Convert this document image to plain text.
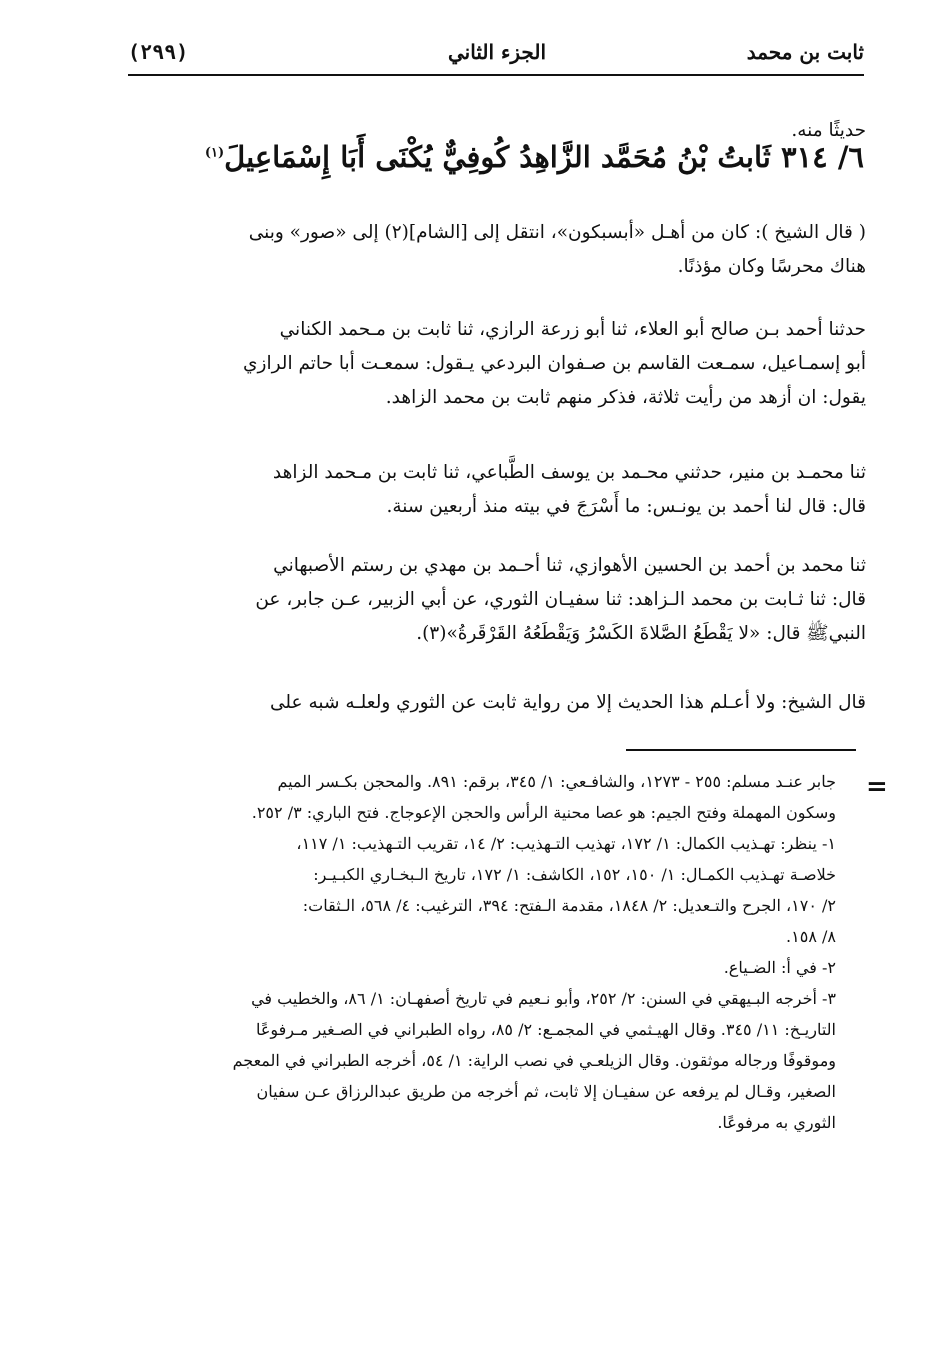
ثابت بن محمد
الجزء الثاني
(٢٩٩)
حديثًا منه.
٦/ ٣١٤ ثَابتُ بْنُ مُحَمَّد الزَّاهِدُ كُوفِيٌّ يُكْنَى أَبَا إِسْمَاعِيلَ$^{(١)}$
( قال الشيخ ): كان من أهـل «أبسبكون»، انتقل إلى [الشام](٢) إلى «صور» وبنى
هناك محرسًا وكان مؤذنًا.
حدثنا أحمد بـن صالح أبو العلاء، ثنا أبو زرعة الرازي، ثنا ثابت بن مـحمد الكناني
أبو إسمـاعيل، سمـعت القاسم بن صـفوان البردعي يـقول: سمعـت أبا حاتم الرازي
يقول: ان أزهد من رأيت ثلاثة، فذكر منهم ثابت بن محمد الزاهد.
ثنا محمـد بن منير، حدثني محـمد بن يوسف الطَّباعي، ثنا ثابت بن مـحمد الزاهد
قال: قال لنا أحمد بن يونـس: ما أَسْرَجَ في بيته منذ أربعين سنة.
ثنا محمد بن أحمد بن الحسين الأهوازي، ثنا أحـمد بن مهدي بن رستم الأصبهاني
قال: ثنا ثـابت بن محمد الـزاهد: ثنا سفيـان الثوري، عن أبي الزبير، عـن جابر، عن
النبيﷺ قال: «لا يَقْطَعُ الصَّلاةَ الكَسْرُ وَيَقْطَعُهُ القَرْقَرةُ»(٣).
قال الشيخ: ولا أعـلم هذا الحديث إلا من رواية ثابت عن الثوري ولعلـه شبه على
=
جابر عنـد مسلم: ٢٥٥ - ١٢٧٣، والشافـعي: ١/ ٣٤٥، برقم: ٨٩١. والمحجن بكـسر الميم
وسكون المهملة وفتح الجيم: هو عصا محنية الرأس والحجن الإعوجاج. فتح الباري: ٣/ ٢٥٢.
١- ينظر: تهـذيب الكمال: ١/ ١٧٢، تهذيب التـهذيب: ٢/ ١٤، تقريب التـهذيب: ١/ ١١٧،
خلاصـة تهـذيب الكمـال: ١/ ١٥٠، ١٥٢، الكاشف: ١/ ١٧٢، تاريخ الـبخـاري الكبـيـر:
٢/ ١٧٠، الجرح والتـعديل: ٢/ ١٨٤٨، مقدمة الـفتح: ٣٩٤، الترغيب: ٤/ ٥٦٨، الـثقات:
٨/ ١٥٨.
٢- في أ: الضـياع.
٣- أخرجه البـيهقي في السنن: ٢/ ٢٥٢، وأبو نـعيم في تاريخ أصفهـان: ١/ ٨٦، والخطيب في
التاريـخ: ١١/ ٣٤٥. وقال الهيـثمي في المجمـع: ٢/ ٨٥، رواه الطبراني في الصـغير مـرفوعًا
وموقوفًا ورجاله موثقون. وقال الزيلعـي في نصب الراية: ١/ ٥٤، أخرجه الطبراني في المعجم
الصغير، وقـال لم يرفعه عن سفيـان إلا ثابت، ثم أخرجه من طريق عبدالرزاق عـن سفيان
الثوري به مرفوعًا.
